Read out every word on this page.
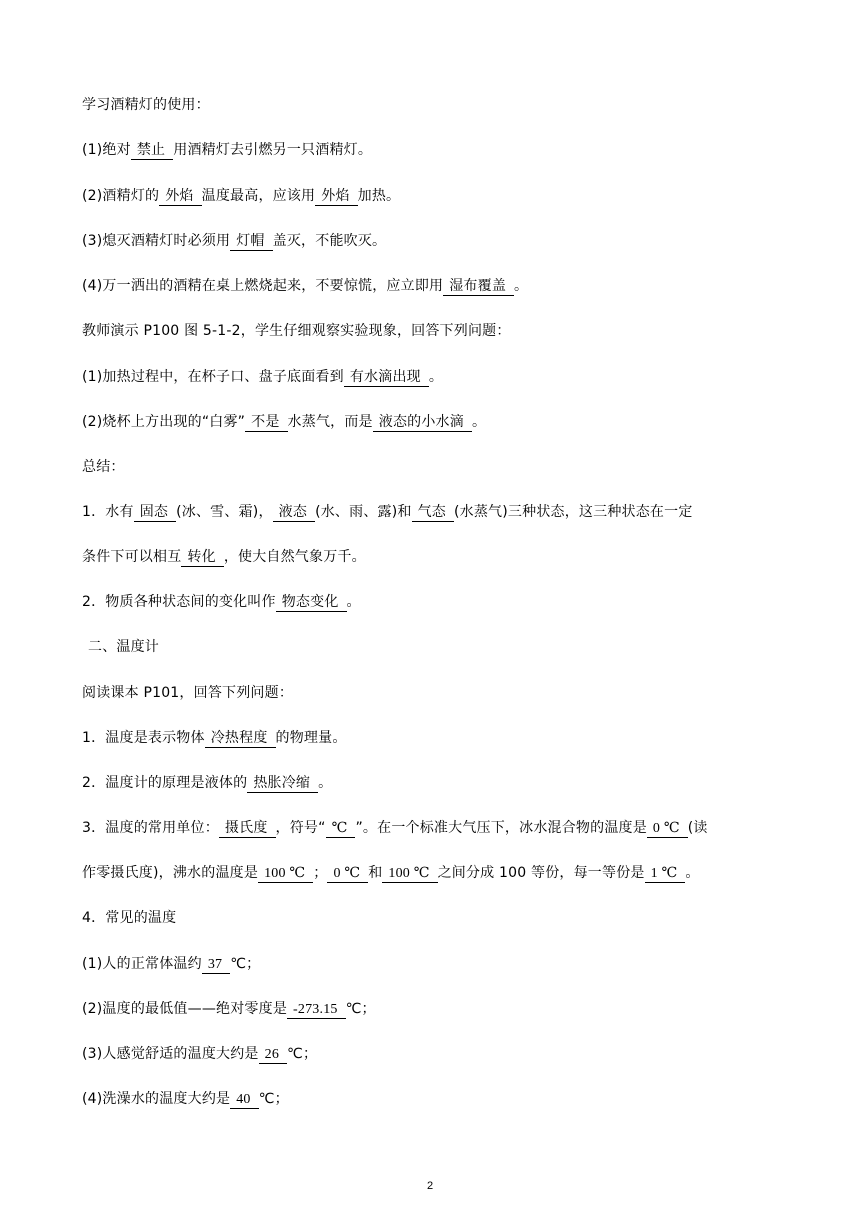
学习酒精灯的使用：
(1)绝对 禁止 用酒精灯去引燃另一只酒精灯。
(2)酒精灯的 外焰 温度最高，应该用 外焰 加热。
(3)熄灭酒精灯时必须用 灯帽 盖灭，不能吹灭。
(4)万一洒出的酒精在桌上燃烧起来，不要惊慌，应立即用 湿布覆盖 。
教师演示 P100 图 5-1-2，学生仔细观察实验现象，回答下列问题：
(1)加热过程中，在杯子口、盘子底面看到 有水滴出现 。
(2)烧杯上方出现的“白雾” 不是 水蒸气，而是 液态的小水滴 。
总结：
1．水有 固态 (冰、雪、霜)， 液态 (水、雨、露)和 气态 (水蒸气)三种状态，这三种状态在一定
条件下可以相互 转化 ，使大自然气象万千。
2．物质各种状态间的变化叫作 物态变化 。
二、温度计
阅读课本 P101，回答下列问题：
1．温度是表示物体 冷热程度 的物理量。
2．温度计的原理是液体的 热胀冷缩 。
3．温度的常用单位： 摄氏度 ，符号“ ℃ ”。在一个标准大气压下，冰水混合物的温度是 0 ℃ (读
作零摄氏度)，沸水的温度是 100 ℃ ； 0 ℃ 和 100 ℃ 之间分成 100 等份，每一等份是 1 ℃ 。
4．常见的温度
(1)人的正常体温约 37 ℃；
(2)温度的最低值——绝对零度是 -273.15 ℃；
(3)人感觉舒适的温度大约是 26 ℃；
(4)洗澡水的温度大约是 40 ℃；
2
